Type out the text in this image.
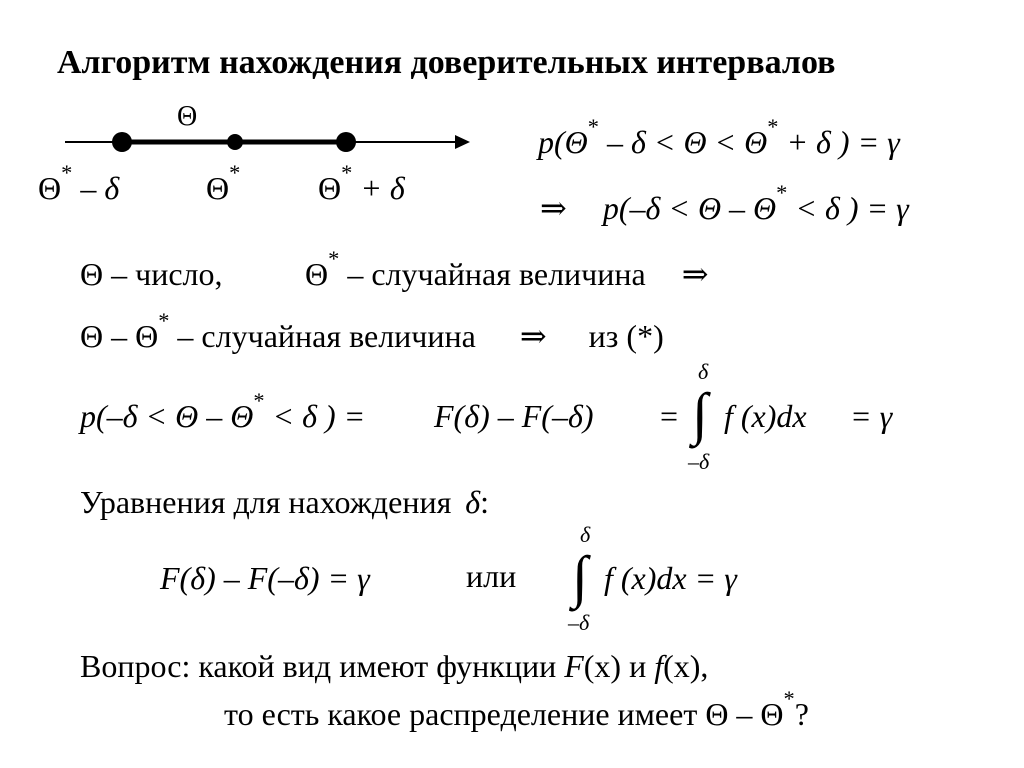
Алгоритм нахождения доверительных интервалов
Θ
Θ* – δ	Θ* Θ* + δ
p(Θ* – δ < Θ < Θ* + δ ) = γ
⇒ p(–δ < Θ – Θ* < δ ) = γ
Θ – число,	Θ* – случайная величина ⇒
Θ – Θ* – случайная величина ⇒ из (*)
p(–δ < Θ – Θ* < δ ) = F(δ) – F(–δ) =
δ
∫
–δ
f (x)dx = γ
Уравнения для нахождения δ:
F(δ) – F(–δ) = γ	или
δ
∫
–δ
f (x)dx = γ
Вопрос: какой вид имеют функции F(x) и f(x),
то есть какое распределение имеет Θ – Θ*?
